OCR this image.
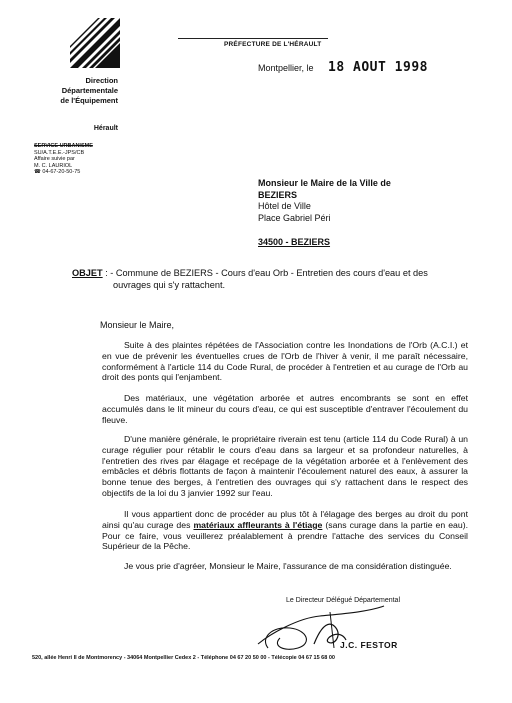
Direction
Départementale
de l'Équipement
Hérault
SERVICE URBANISME
SU/A.T.E.E.-JPS/CB
Affaire suivie par
M. C. LAURIOL
☎ 04-67-20-50-75
PRÉFECTURE DE L'HÉRAULT
Montpellier, le 18 AOUT 1998
Monsieur le Maire de la Ville de
BEZIERS
Hôtel de Ville
Place Gabriel Péri
34500 - BEZIERS
OBJET : - Commune de BEZIERS - Cours d'eau Orb - Entretien des cours d'eau et des
ouvrages qui s'y rattachent.
Monsieur le Maire,
Suite à des plaintes répétées de l'Association contre les Inondations de l'Orb (A.C.I.) et en vue de prévenir les éventuelles crues de l'Orb de l'hiver à venir, il me paraît nécessaire, conformément à l'article 114 du Code Rural, de procéder à l'entretien et au curage de l'Orb au droit des ponts qui l'enjambent.
Des matériaux, une végétation arborée et autres encombrants se sont en effet accumulés dans le lit mineur du cours d'eau, ce qui est susceptible d'entraver l'écoulement du fleuve.
D'une manière générale, le propriétaire riverain est tenu (article 114 du Code Rural) à un curage régulier pour rétablir le cours d'eau dans sa largeur et sa profondeur naturelles, à l'entretien des rives par élagage et recépage de la végétation arborée et à l'enlèvement des embâcles et débris flottants de façon à maintenir l'écoulement naturel des eaux, à assurer la bonne tenue des berges, à l'entretien des ouvrages qui s'y rattachent dans le respect des objectifs de la loi du 3 janvier 1992 sur l'eau.
Il vous appartient donc de procéder au plus tôt à l'élagage des berges au droit du pont ainsi qu'au curage des matériaux affleurants à l'étiage (sans curage dans la partie en eau). Pour ce faire, vous veuillerez préalablement à prendre l'attache des services du Conseil Supérieur de la Pêche.
Je vous prie d'agréer, Monsieur le Maire, l'assurance de ma considération distinguée.
Le Directeur Délégué Départemental
J.C. FESTOR
520, allée Henri II de Montmorency - 34064 Montpellier Cedex 2 - Téléphone 04 67 20 50 00 - Télécopie 04 67 15 68 00
